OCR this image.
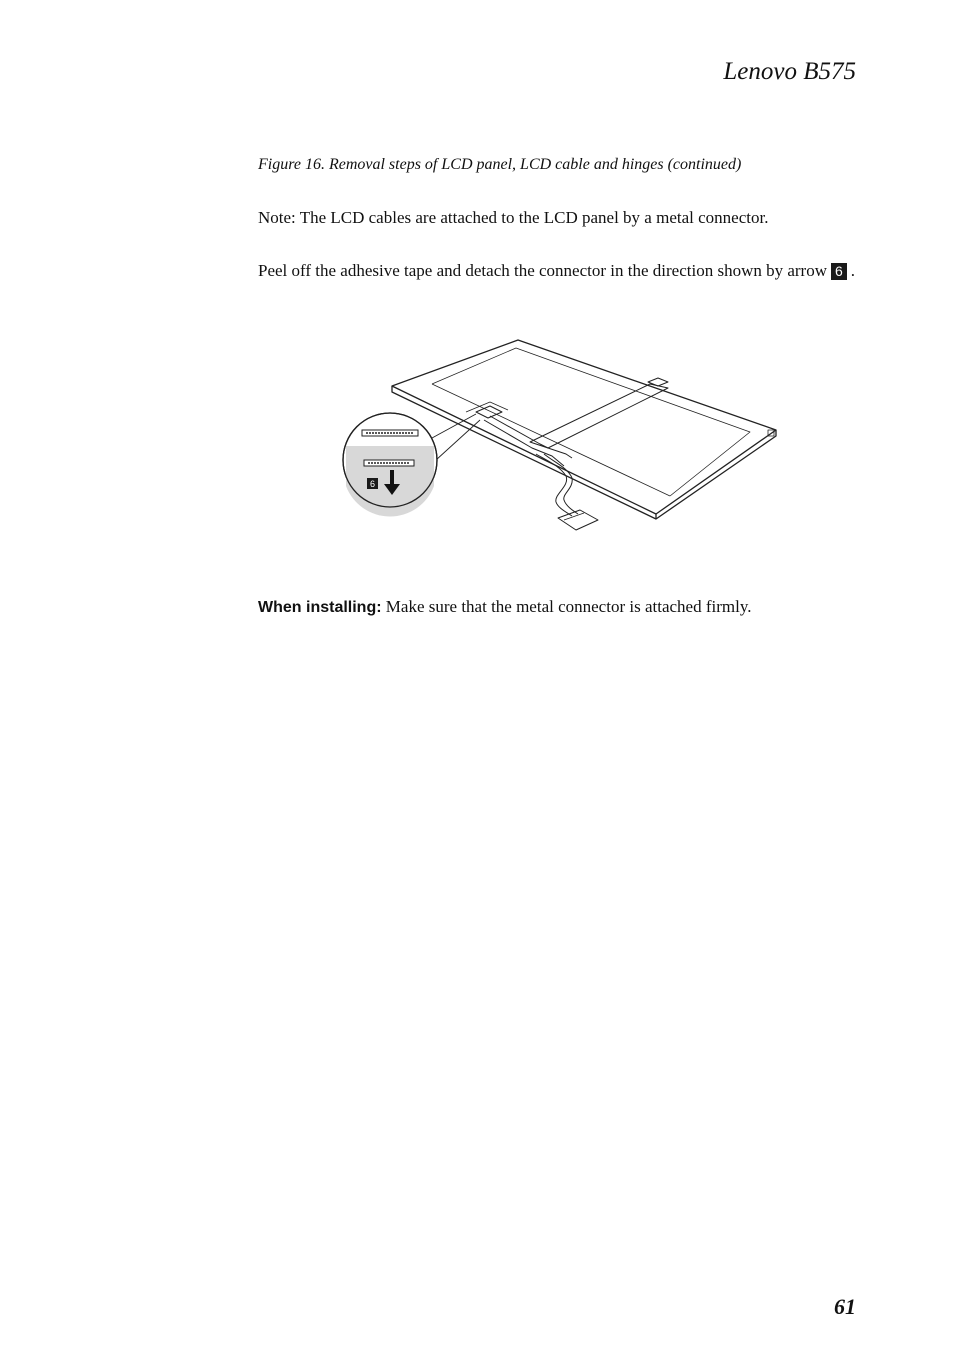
Lenovo B575
Figure 16. Removal steps of LCD panel, LCD cable and hinges (continued)
Note: The LCD cables are attached to the LCD panel by a metal connector.
Peel off the adhesive tape and detach the connector in the direction shown by arrow 6 .
6
When installing: Make sure that the metal connector is attached firmly.
61
